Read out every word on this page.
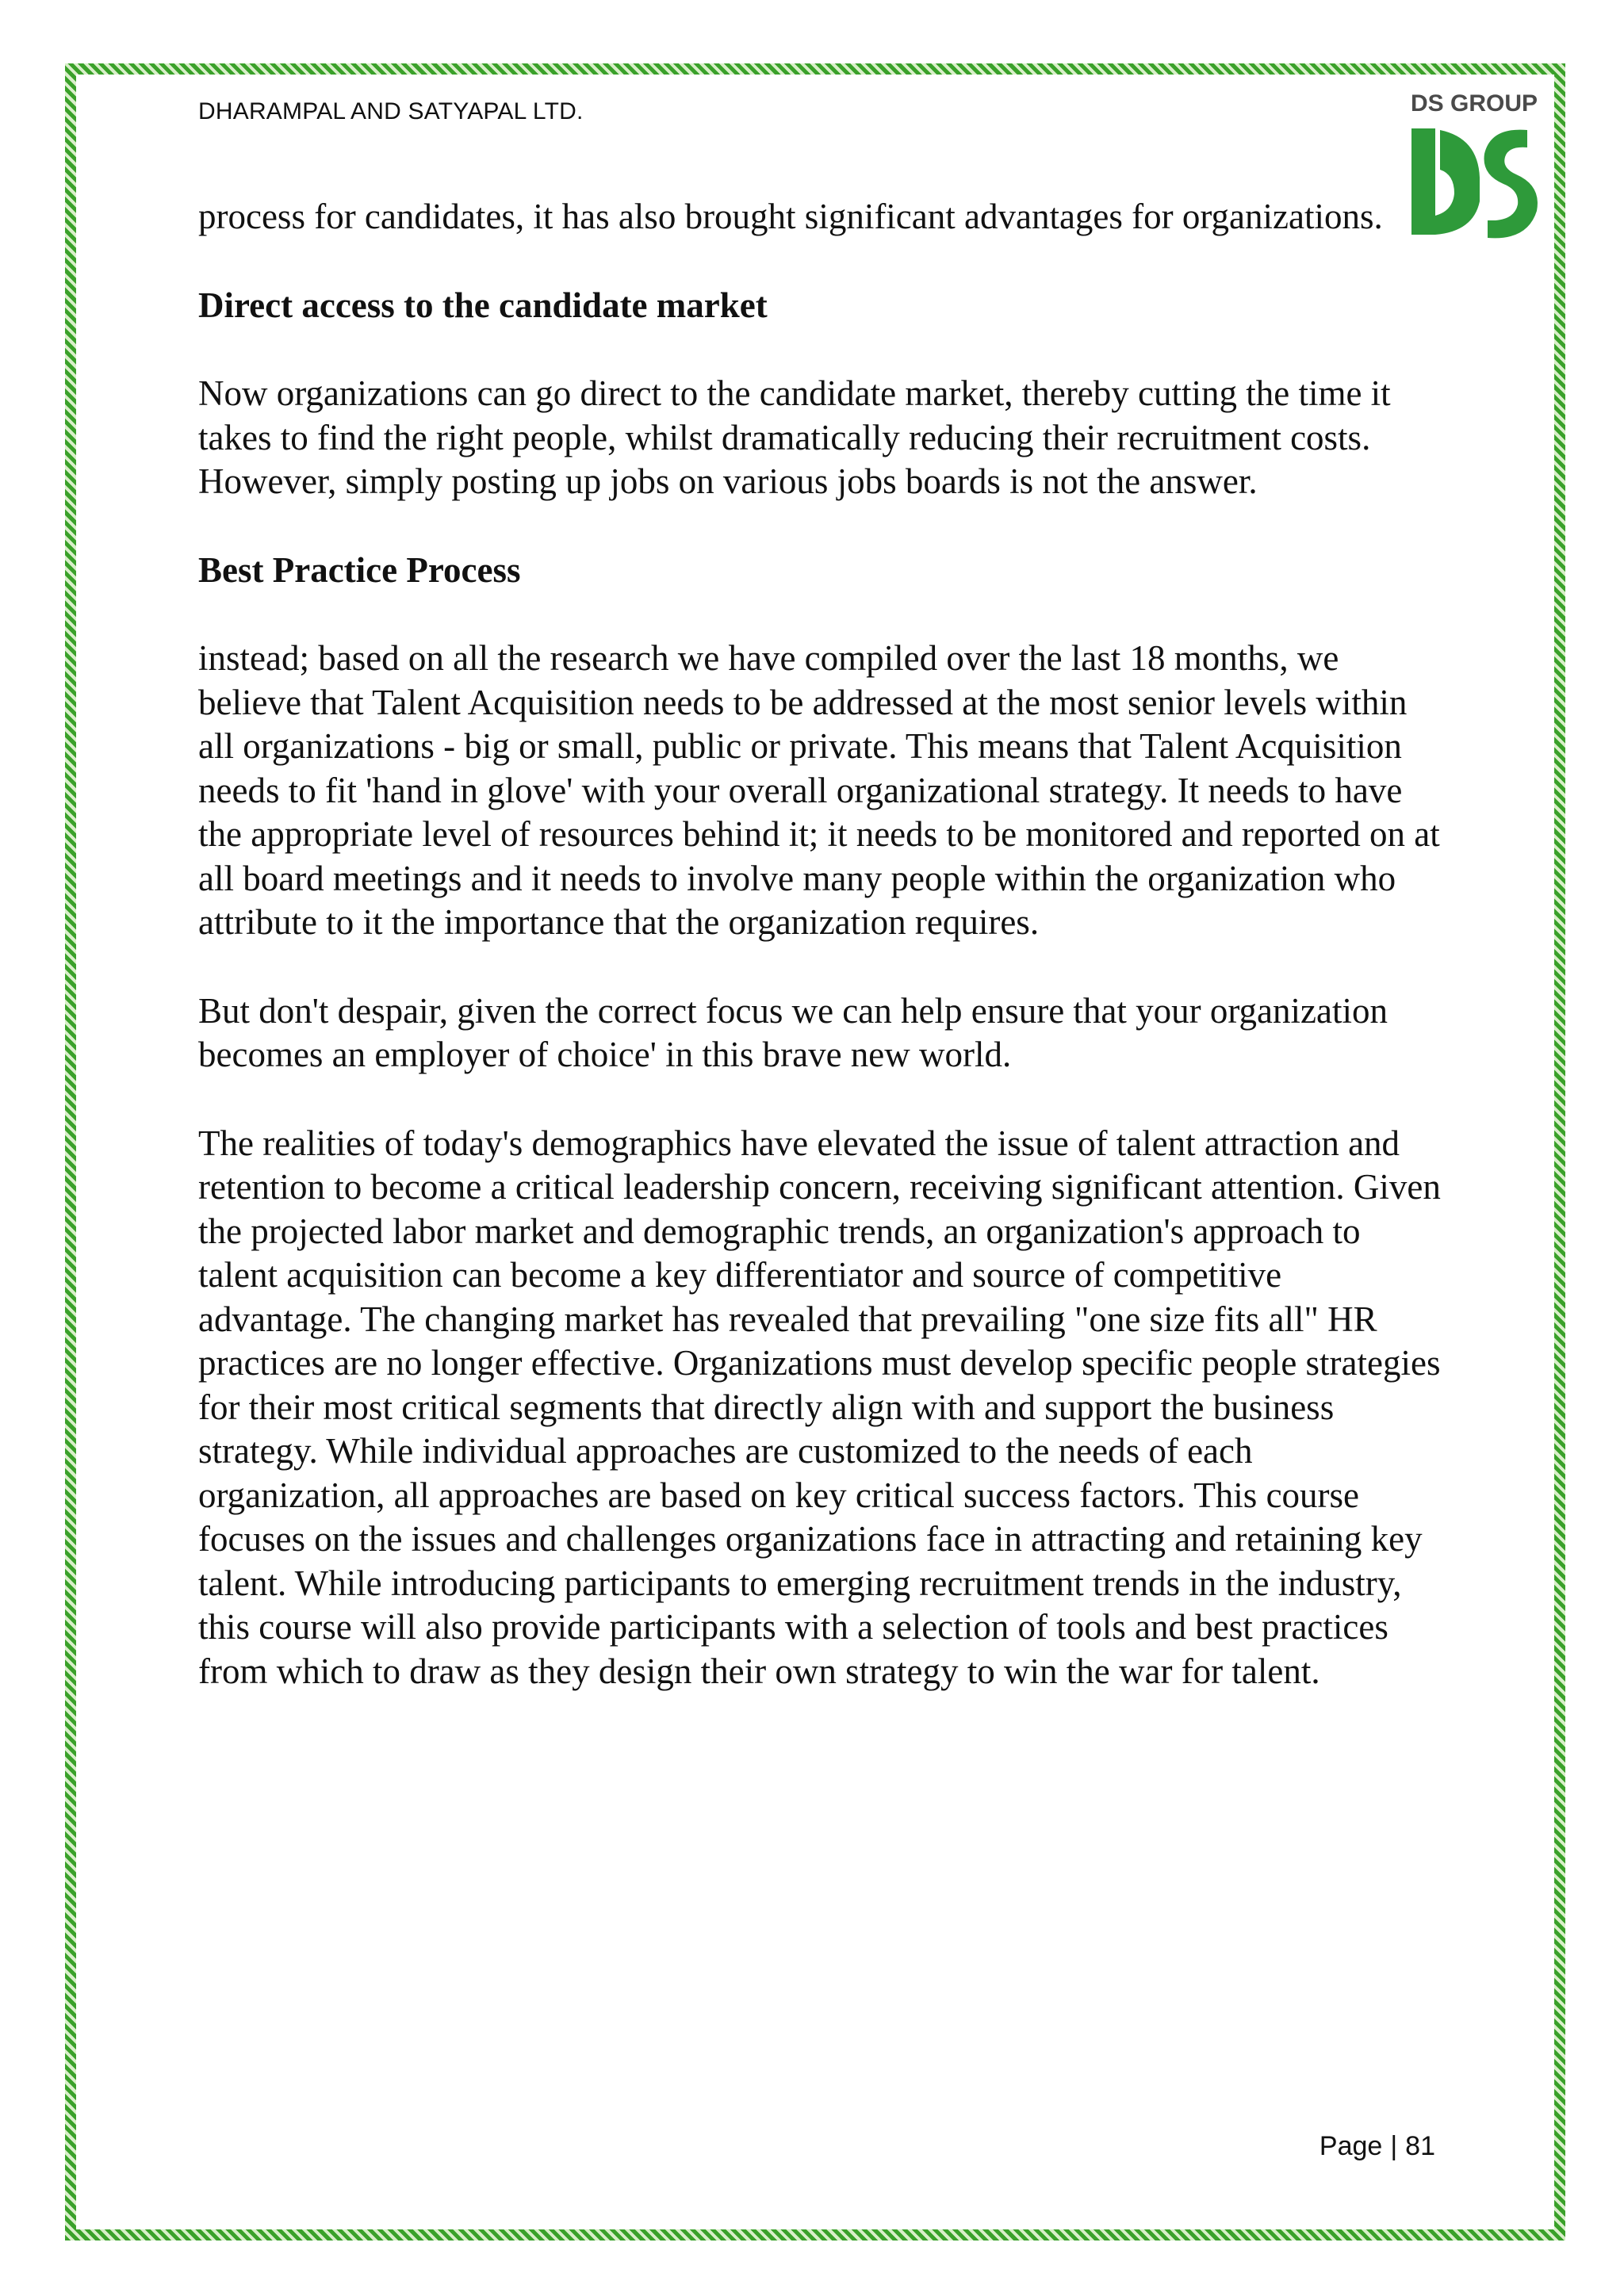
DHARAMPAL AND SATYAPAL LTD.	DS GROUP

process for candidates, it has also brought significant advantages for organizations.

Direct access to the candidate market

Now organizations can go direct to the candidate market, thereby cutting the time it takes to find the right people, whilst dramatically reducing their recruitment costs. However, simply posting up jobs on various jobs boards is not the answer.

Best Practice Process

instead; based on all the research we have compiled over the last 18 months, we believe that Talent Acquisition needs to be addressed at the most senior levels within all organizations - big or small, public or private. This means that Talent Acquisition needs to fit 'hand in glove' with your overall organizational strategy. It needs to have the appropriate level of resources behind it; it needs to be monitored and reported on at all board meetings and it needs to involve many people within the organization who attribute to it the importance that the organization requires.

But don't despair, given the correct focus we can help ensure that your organization becomes an employer of choice' in this brave new world.

The realities of today's demographics have elevated the issue of talent attraction and retention to become a critical leadership concern, receiving significant attention. Given the projected labor market and demographic trends, an organization's approach to talent acquisition can become a key differentiator and source of competitive advantage. The changing market has revealed that prevailing "one size fits all" HR practices are no longer effective. Organizations must develop specific people strategies for their most critical segments that directly align with and support the business strategy. While individual approaches are customized to the needs of each organization, all approaches are based on key critical success factors. This course focuses on the issues and challenges organizations face in attracting and retaining key talent. While introducing participants to emerging recruitment trends in the industry, this course will also provide participants with a selection of tools and best practices from which to draw as they design their own strategy to win the war for talent.

Page | 81
